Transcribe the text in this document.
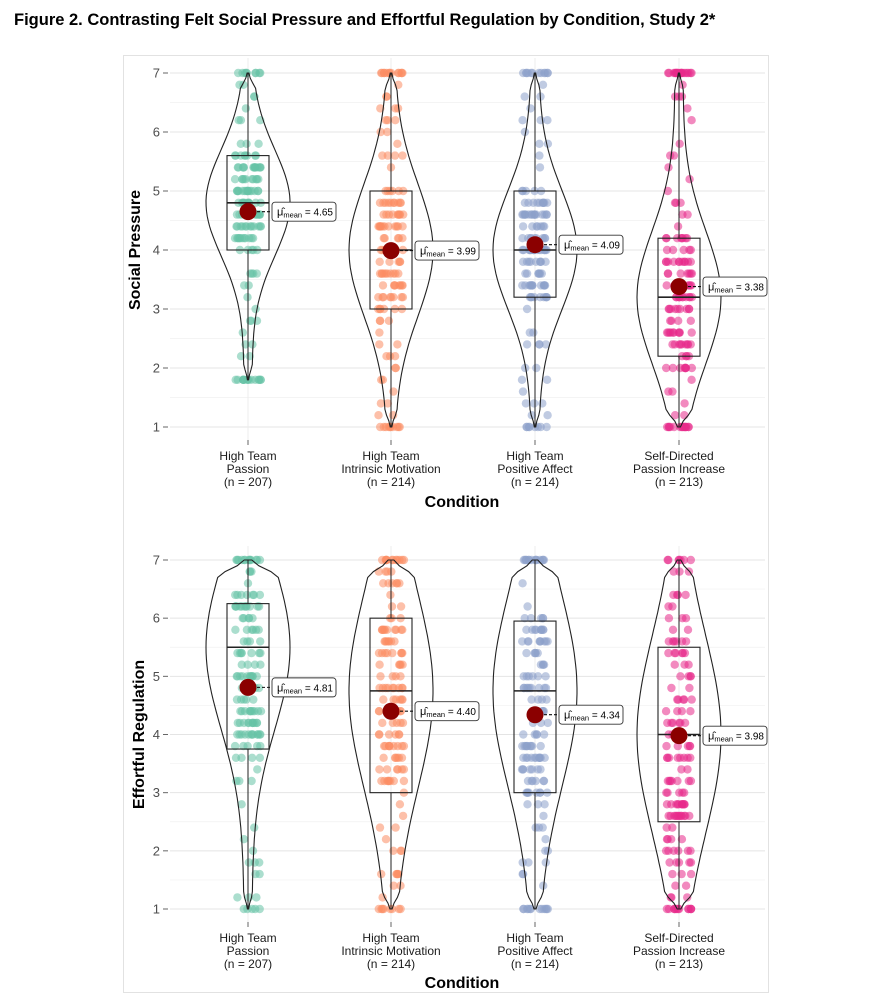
Figure 2. Contrasting Felt Social Pressure and Effortful Regulation by Condition, Study 2*
1
2
3
4
5
6
7
Social Pressure	$\mû_{mean} = 4.65$
High Team
Passion
(n = 207)
$\mû_{mean} = 3.99$
High Team
Intrinsic Motivation
(n = 214)
$\mû_{mean} = 4.09$
High Team
Positive Affect
(n = 214)
$\mû_{mean} = 3.38$
Self-Directed
Passion Increase
(n = 213)
Condition
1
2
3
4
5
6
7
Effortful Regulation	$\mû_{mean} = 4.81$
High Team
Passion
(n = 207)
$\mû_{mean} = 4.40$
High Team
Intrinsic Motivation
(n = 214)
$\mû_{mean} = 4.34$
High Team
Positive Affect
(n = 214)
$\mû_{mean} = 3.98$
Self-Directed
Passion Increase
(n = 213)
Condition
